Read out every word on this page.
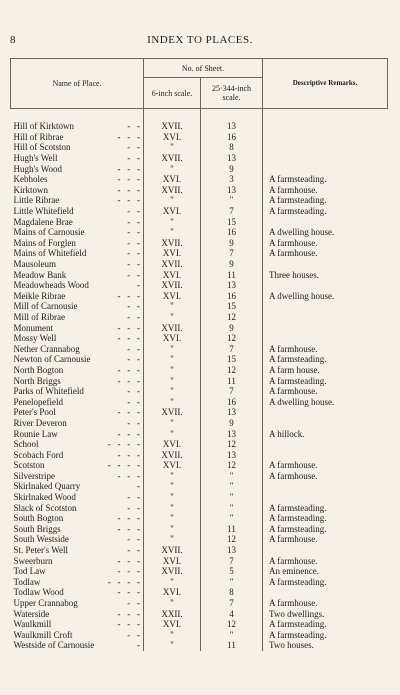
8	INDEX TO PLACES.
Name of Place.	No. of Sheet.		Descriptive Remarks.
	6-inch scale.	25·344-inch scale.	

Hill of Kirktown -   -	XVII.	13	
Hill of Ribrae -   -   -	XVI.	16	
Hill of Scotston -   -	"	8	
Hugh's Well -   -	XVII.	13	
Hugh's Wood -   -   -	"	9	
Kebholes -   -   -	XVI.	3	A farmsteading.
Kirktown -   -   -	XVII.	13	A farmhouse.
Little Ribrae -   -   -	"	"	A farmsteading.
Little Whitefield -   -	XVI.	7	A farmsteading.
Magdalene Brae -   -	"	15	
Mains of Carnousie -   -	"	16	A dwelling house.
Mains of Forglen -   -	XVII.	9	A farmhouse.
Mains of Whitefield -   -	XVI.	7	A farmhouse.
Mausoleum -   -	XVII.	9	
Meadow Bank -   -	XVI.	11	Three houses.
Meadowheads Wood -	XVII.	13	
Meikle Ribrae -   -   -	XVI.	16	A dwelling house.
Mill of Carnousie -   -	"	15	
Mill of Ribrae -   -	"	12	
Monument -   -   -	XVII.	9	
Mossy Well -   -   -	XVI.	12	
Nether Crannabog -   -	"	7	A farmhouse.
Newton of Carnousie -   -	"	15	A farmsteading.
North Bogton -   -   -	"	12	A farm house.
North Briggs -   -   -	"	11	A farmsteading.
Parks of Whitefield -   -	"	7	A farmhouse.
Penelopefield -   -	"	16	A dwelling house.
Peter's Pool -   -   -	XVII.	13	
River Deveron -   -	"	9	
Rounie Law -   -   -	"	13	A hillock.
School -   -   -   -	XVI.	12	
Scobach Ford -   -   -	XVII.	13	
Scotston -   -   -   -	XVI.	12	A farmhouse.
Silverstripe -   -   -	"	"	A farmhouse.
Skirlnaked Quarry -	"	"	
Skirlnaked Wood -   -	"	"	
Slack of Scotston -   -	"	"	A farmsteading.
South Bogton -   -   -	"	"	A farmsteading.
South Briggs -   -   -	"	11	A farmsteading.
South Westside -   -	"	12	A farmhouse.
St. Peter's Well -   -	XVII.	13	
Sweerburn -   -   -	XVI.	7	A farmhouse.
Tod Law -   -   -	XVII.	5	An eminence.
Todlaw -   -   -   -	"	"	A farmsteading.
Todlaw Wood -   -   -	XVI.	8	
Upper Crannabog -   -	"	7	A farmhouse.
Waterside -   -   -	XXII.	4	Two dwellings.
Waulkmill -   -   -	XVI.	12	A farmsteading.
Waulkmill Croft -   -	"	"	A farmsteading.
Westside of Carnousie -	"	11	Two houses.
